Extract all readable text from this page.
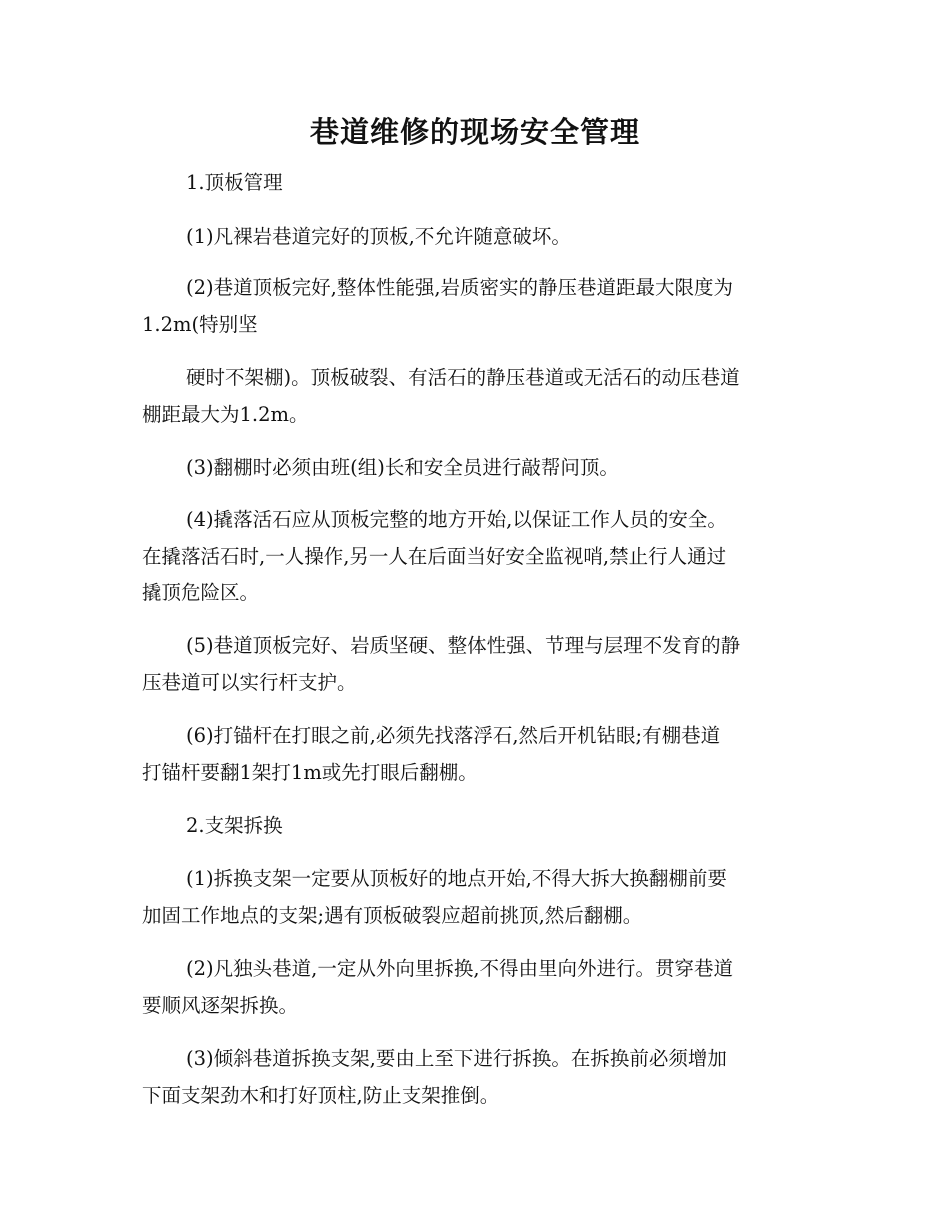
巷道维修的现场安全管理

1.顶板管理

(1)凡裸岩巷道完好的顶板,不允许随意破坏。

(2)巷道顶板完好,整体性能强,岩质密实的静压巷道距最大限度为

1.2m(特别坚

硬时不架棚)。顶板破裂、有活石的静压巷道或无活石的动压巷道

棚距最大为1.2m。

(3)翻棚时必须由班(组)长和安全员进行敲帮问顶。

(4)撬落活石应从顶板完整的地方开始,以保证工作人员的安全。

在撬落活石时,一人操作,另一人在后面当好安全监视哨,禁止行人通过

撬顶危险区。

(5)巷道顶板完好、岩质坚硬、整体性强、节理与层理不发育的静

压巷道可以实行杆支护。

(6)打锚杆在打眼之前,必须先找落浮石,然后开机钻眼;有棚巷道

打锚杆要翻1架打1m或先打眼后翻棚。

2.支架拆换

(1)拆换支架一定要从顶板好的地点开始,不得大拆大换翻棚前要

加固工作地点的支架;遇有顶板破裂应超前挑顶,然后翻棚。

(2)凡独头巷道,一定从外向里拆换,不得由里向外进行。贯穿巷道

要顺风逐架拆换。

(3)倾斜巷道拆换支架,要由上至下进行拆换。在拆换前必须增加

下面支架劲木和打好顶柱,防止支架推倒。
